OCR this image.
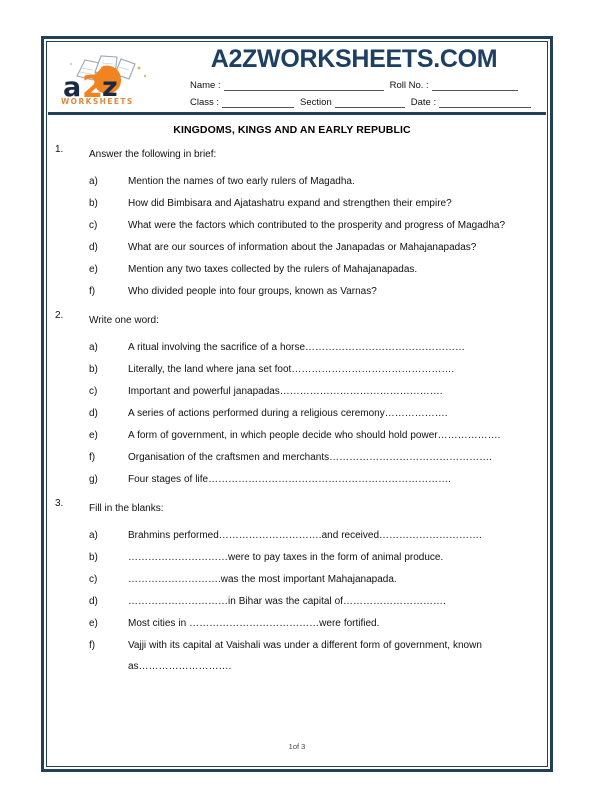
a 2 z
WORKSHEETS
A2ZWORKSHEETS.COM
Name :	Roll No. :
Class :	Section	Date :
KINGDOMS, KINGS AND AN EARLY REPUBLIC
1.	Answer the following in brief:
a)	Mention the names of two early rulers of Magadha.
b)	How did Bimbisara and Ajatashatru expand and strengthen their empire?
c)	What were the factors which contributed to the prosperity and progress of Magadha?
d)	What are our sources of information about the Janapadas or Mahajanapadas?
e)	Mention any two taxes collected by the rulers of Mahajanapadas.
f)	Who divided people into four groups, known as Varnas?
2.	Write one word:
a)	A ritual involving the sacrifice of a horse…………………………………………
b)	Literally, the land where jana set foot………………………………………….
c)	Important and powerful janapadas………………………………………….
d)	A series of actions performed during a religious ceremony……………….
e)	A form of government, in which people decide who should hold power……………….
f)	Organisation of the craftsmen and merchants………………………………………….
g)	Four stages of life……………………………………………………………….
3.	Fill in the blanks:
a)	Brahmins performed………………………….and received………………………….
b)	…………………………were to pay taxes in the form of animal produce.
c)	……………………….was the most important Mahajanapada.
d)	…………………………in Bihar was the capital of………………………….
e)	Most cities in …………………………………were fortified.
f)	Vajji with its capital at Vaishali was under a different form of government, known as……………………….
1of 3
